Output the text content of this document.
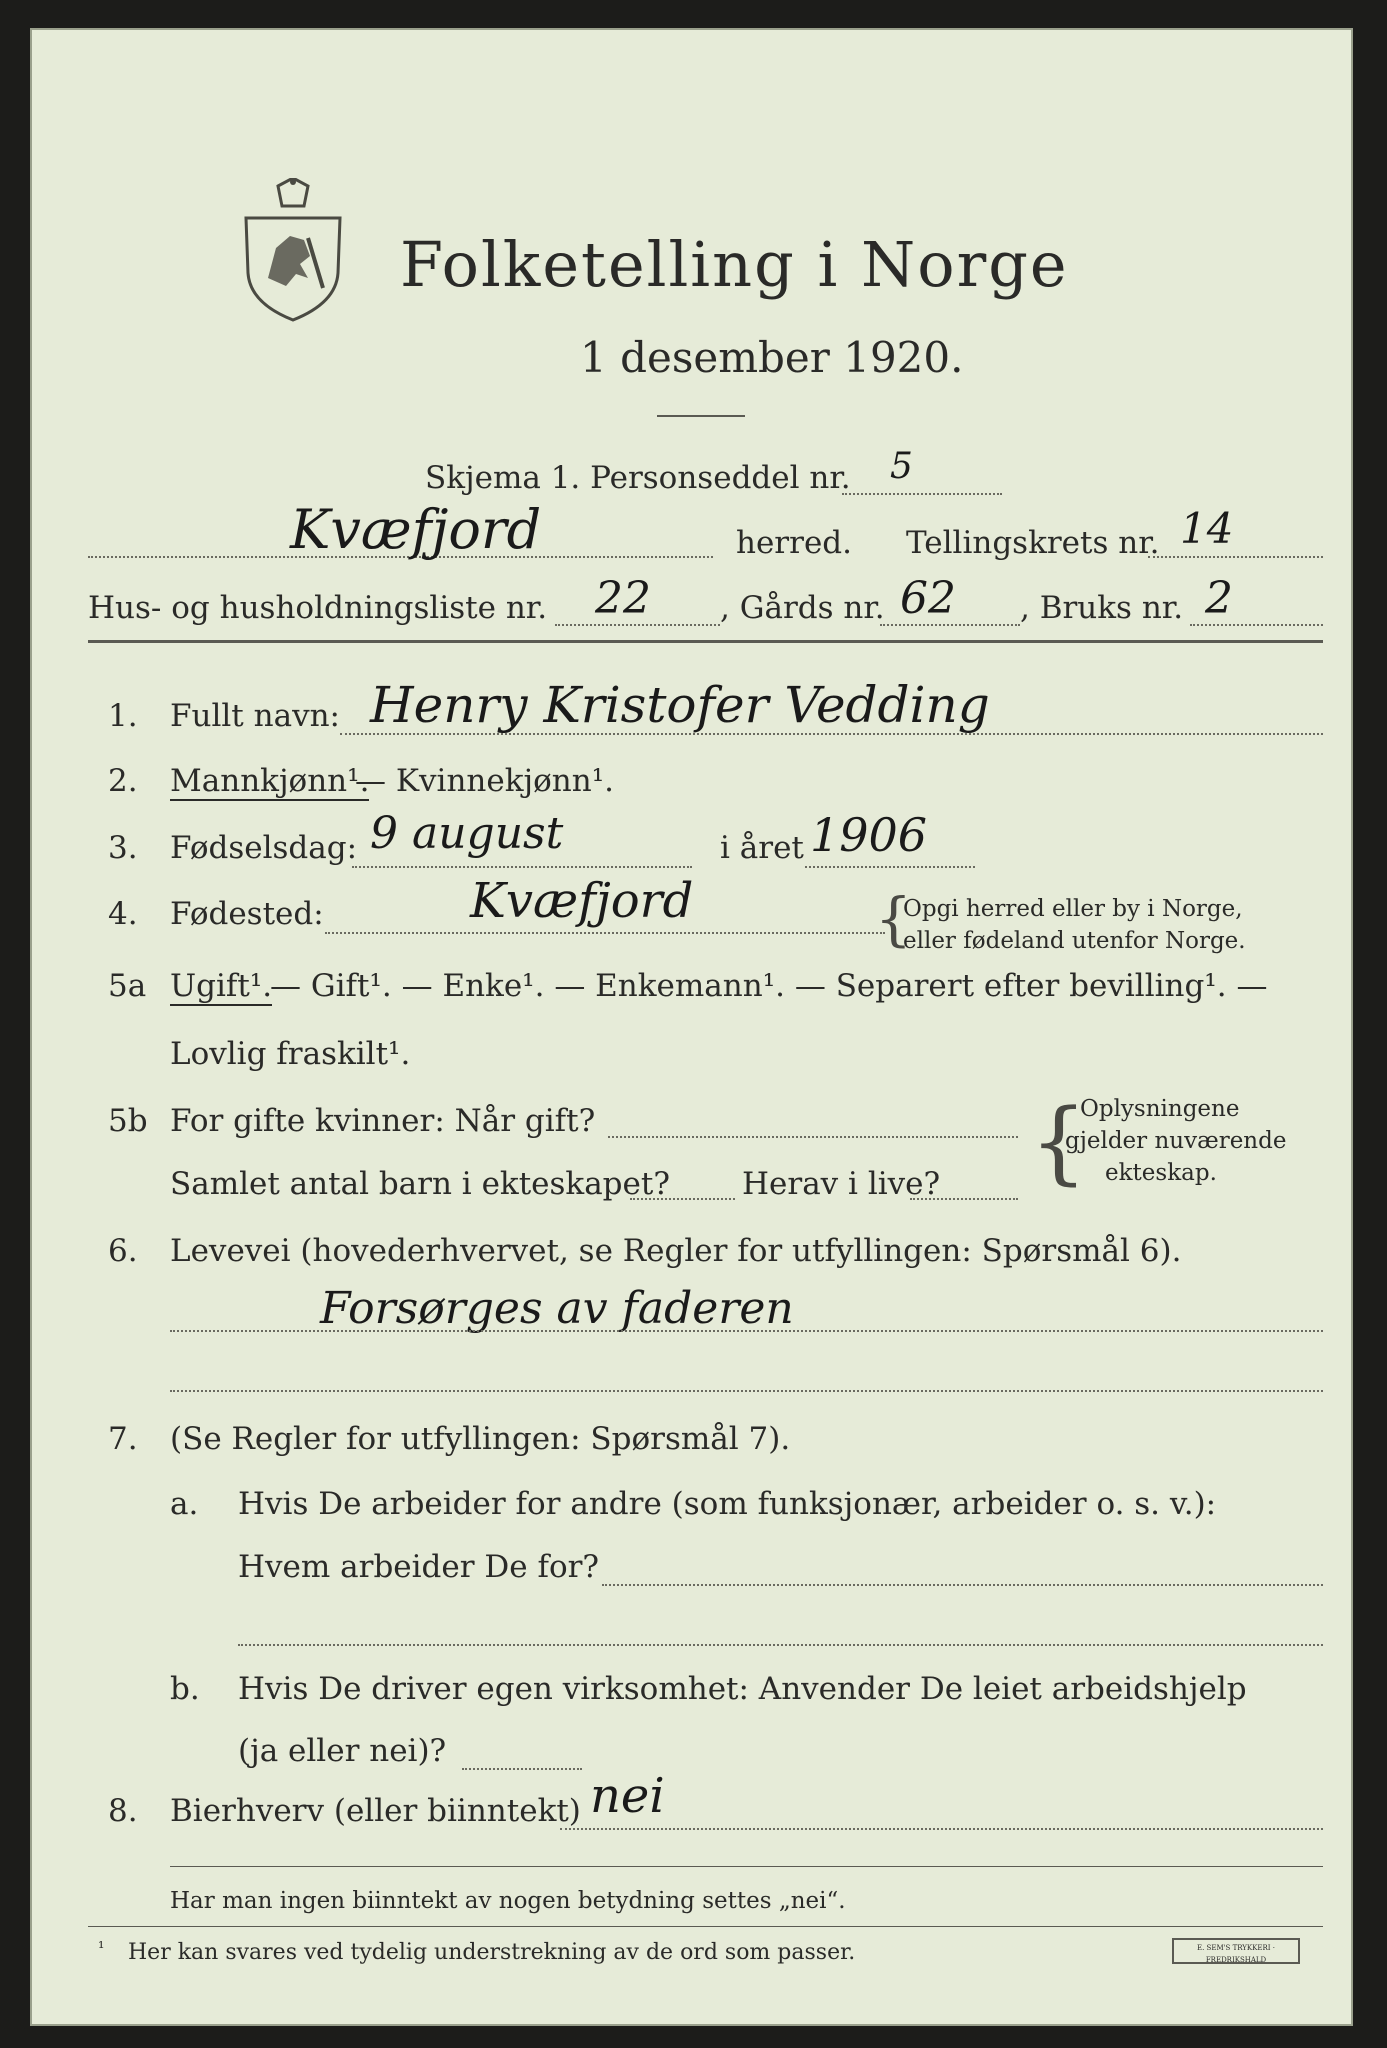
Folketelling i Norge
1 desember 1920.
Skjema 1. Personseddel nr. 5
Kvæfjord	herred. Tellingskrets nr. 14
Hus- og husholdningsliste nr. 22 , Gårds nr. 62 , Bruks nr. 2
1. Fullt navn: Henry Kristofer Vedding
2. Mannkjønn¹.
— Kvinnekjønn¹.
3. Fødselsdag: 9 august	i året 1906
4. Fødested:	Kvæfjord	{
Opgi herred eller by i Norge,
eller fødeland utenfor Norge.
5a Ugift¹.
— Gift¹. — Enke¹. — Enkemann¹. — Separert efter bevilling¹. —
Lovlig fraskilt¹.
5b For gifte kvinner: Når gift?
Samlet antal barn i ekteskapet? Herav i live? {
Oplysningene
gjelder nuværende
ekteskap.
6. Levevei (hovederhvervet, se Regler for utfyllingen: Spørsmål 6).
Forsørges av faderen
7. (Se Regler for utfyllingen: Spørsmål 7).
a. Hvis De arbeider for andre (som funksjonær, arbeider o. s. v.):
Hvem arbeider De for?
b. Hvis De driver egen virksomhet: Anvender De leiet arbeidshjelp
(ja eller nei)?
8. Bierhverv (eller biinntekt) nei
Har man ingen biinntekt av nogen betydning settes „nei“.
¹ Her kan svares ved tydelig understrekning av de ord som passer.	E. SEM'S TRYKKERI · FREDRIKSHALD
